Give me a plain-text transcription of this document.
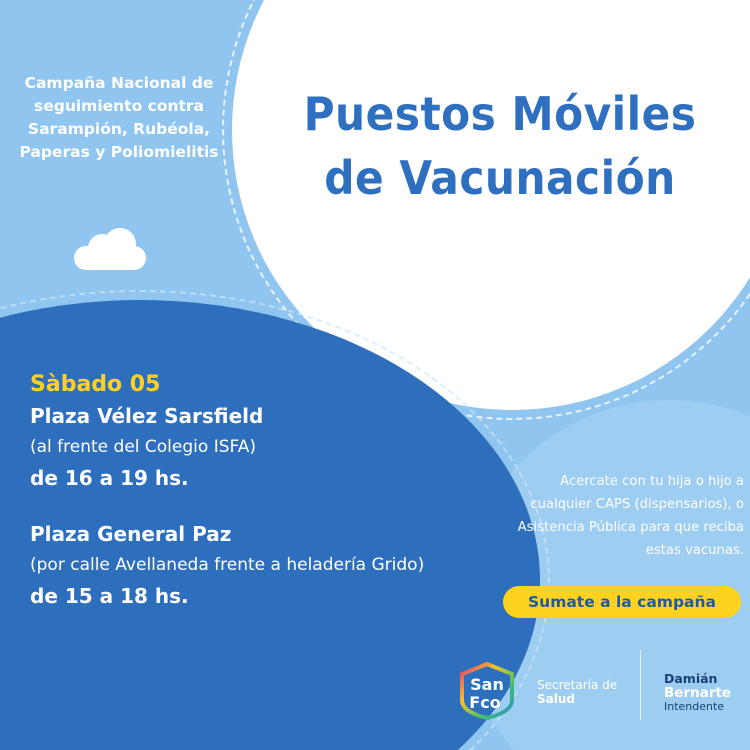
Campaña Nacional de seguimiento contra Sarampión, Rubéola, Paperas y Poliomielitis
Puestos Móviles
de Vacunación
Sàbado 05
Plaza Vélez Sarsfield
(al frente del Colegio ISFA)
de 16 a 19 hs.
Plaza General Paz
(por calle Avellaneda frente a heladería Grido)
de 15 a 18 hs.
Acercate con tu hija o hijo a cualquier CAPS (dispensarios), o Asistencia Pública para que reciba estas vacunas.
Sumate a la campaña
San
Fco
Secretaría de
Salud
Damián
Bernarte
Intendente
